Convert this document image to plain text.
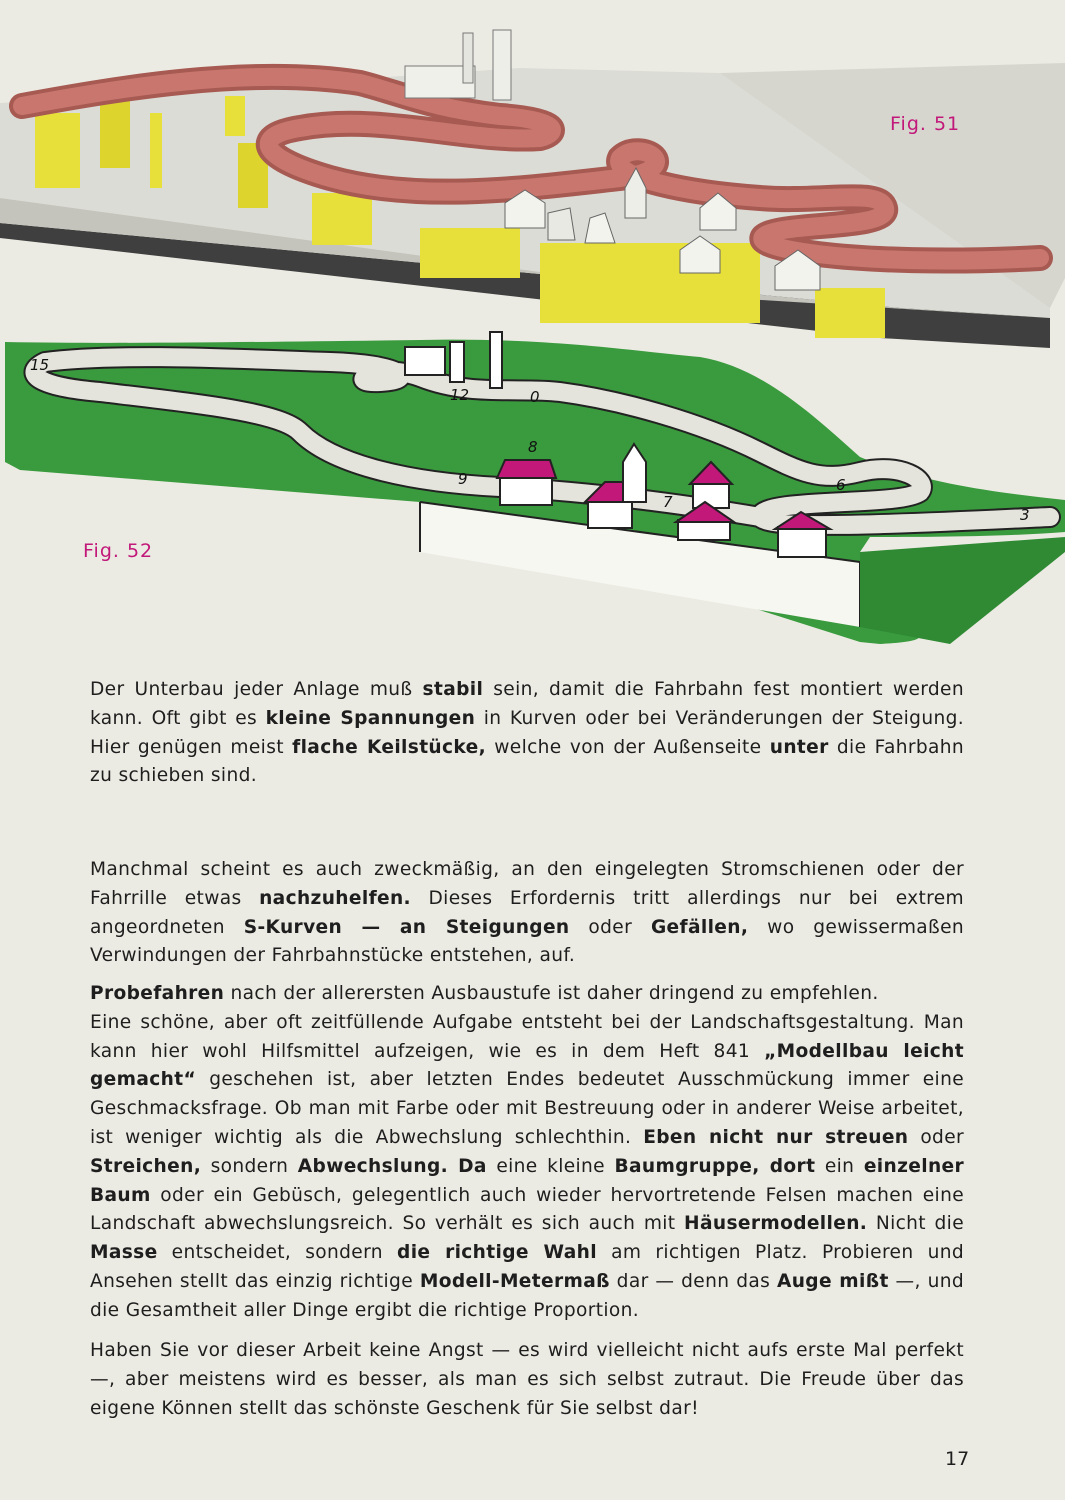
Fig. 51
15
12	0
8
9
7
6
3
Fig. 52

Der Unterbau jeder Anlage muß stabil sein, damit die Fahrbahn fest montiert werden kann. Oft gibt es kleine Spannungen in Kurven oder bei Veränderungen der Steigung. Hier genügen meist flache Keilstücke, welche von der Außenseite unter die Fahrbahn zu schieben sind.

Manchmal scheint es auch zweckmäßig, an den eingelegten Stromschienen oder der Fahrrille etwas nachzuhelfen. Dieses Erfordernis tritt allerdings nur bei extrem angeordneten S-Kurven — an Steigungen oder Gefällen, wo gewissermaßen Verwindungen der Fahrbahnstücke entstehen, auf.

Probefahren nach der allerersten Ausbaustufe ist daher dringend zu empfehlen.

Eine schöne, aber oft zeitfüllende Aufgabe entsteht bei der Landschaftsgestaltung. Man kann hier wohl Hilfsmittel aufzeigen, wie es in dem Heft 841 „Modellbau leicht gemacht“ geschehen ist, aber letzten Endes bedeutet Ausschmückung immer eine Geschmacksfrage. Ob man mit Farbe oder mit Bestreuung oder in anderer Weise arbeitet, ist weniger wichtig als die Abwechslung schlechthin. Eben nicht nur streuen oder Streichen, sondern Abwechslung. Da eine kleine Baumgruppe, dort ein einzelner Baum oder ein Gebüsch, gelegentlich auch wieder hervortretende Felsen machen eine Landschaft abwechslungsreich. So verhält es sich auch mit Häusermodellen. Nicht die Masse entscheidet, sondern die richtige Wahl am richtigen Platz. Probieren und Ansehen stellt das einzig richtige Modell-Metermaß dar — denn das Auge mißt —, und die Gesamtheit aller Dinge ergibt die richtige Proportion.

Haben Sie vor dieser Arbeit keine Angst — es wird vielleicht nicht aufs erste Mal perfekt —, aber meistens wird es besser, als man es sich selbst zutraut. Die Freude über das eigene Können stellt das schönste Geschenk für Sie selbst dar!

17
